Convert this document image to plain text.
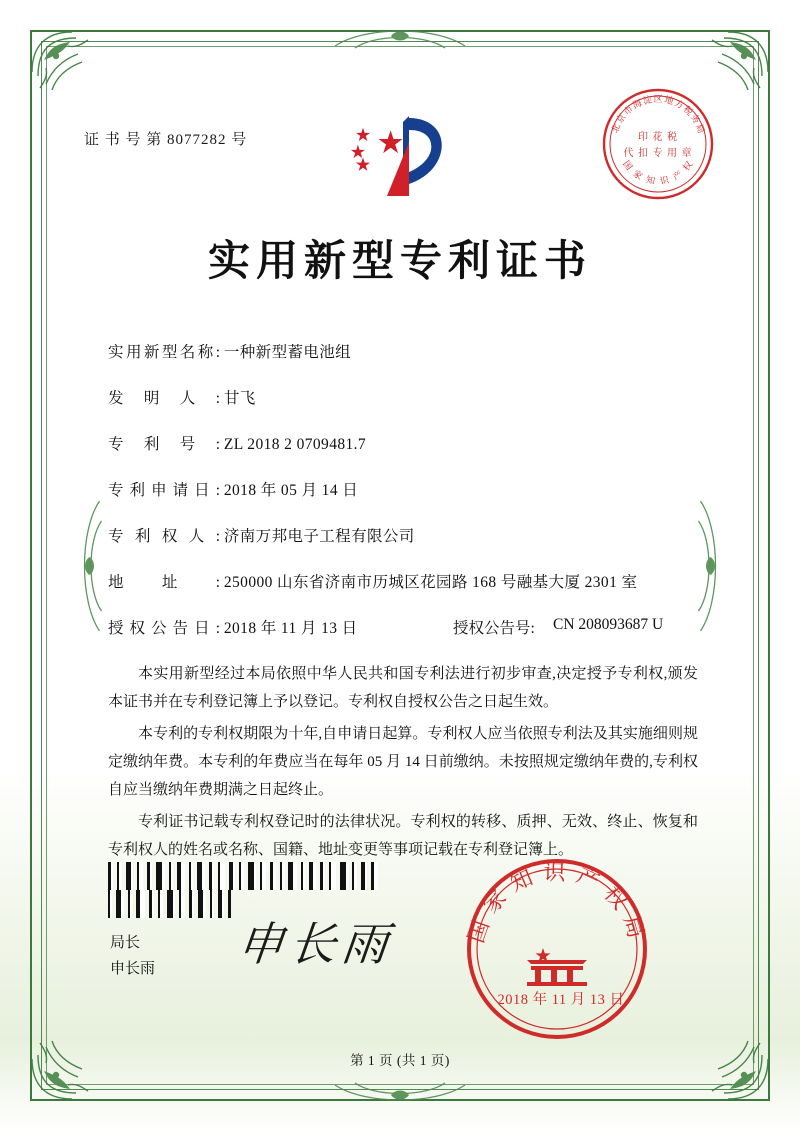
证 书 号 第 8077282 号
北京市海淀区地方税务局
国 家 知 识 产 权
印 花 税
代 扣 专 用 章
实用新型专利证书
实用新型名称: 一种新型蓄电池组
发明人: 甘飞
专利号: ZL 2018 2 0709481.7
专利申请日: 2018 年 05 月 14 日
专利权人: 济南万邦电子工程有限公司
地址: 250000 山东省济南市历城区花园路 168 号融基大厦 2301 室
授权公告日: 2018 年 11 月 13 日	授权公告号: CN 208093687 U

本实用新型经过本局依照中华人民共和国专利法进行初步审查,决定授予专利权,颁发本证书并在专利登记簿上予以登记。专利权自授权公告之日起生效。

本专利的专利权期限为十年,自申请日起算。专利权人应当依照专利法及其实施细则规定缴纳年费。本专利的年费应当在每年 05 月 14 日前缴纳。未按照规定缴纳年费的,专利权自应当缴纳年费期满之日起终止。

专利证书记载专利权登记时的法律状况。专利权的转移、质押、无效、终止、恢复和专利权人的姓名或名称、国籍、地址变更等事项记载在专利登记簿上。

局长
申长雨 申长雨	国家知识产权局
2018 年 11 月 13 日
第 1 页 (共 1 页)
